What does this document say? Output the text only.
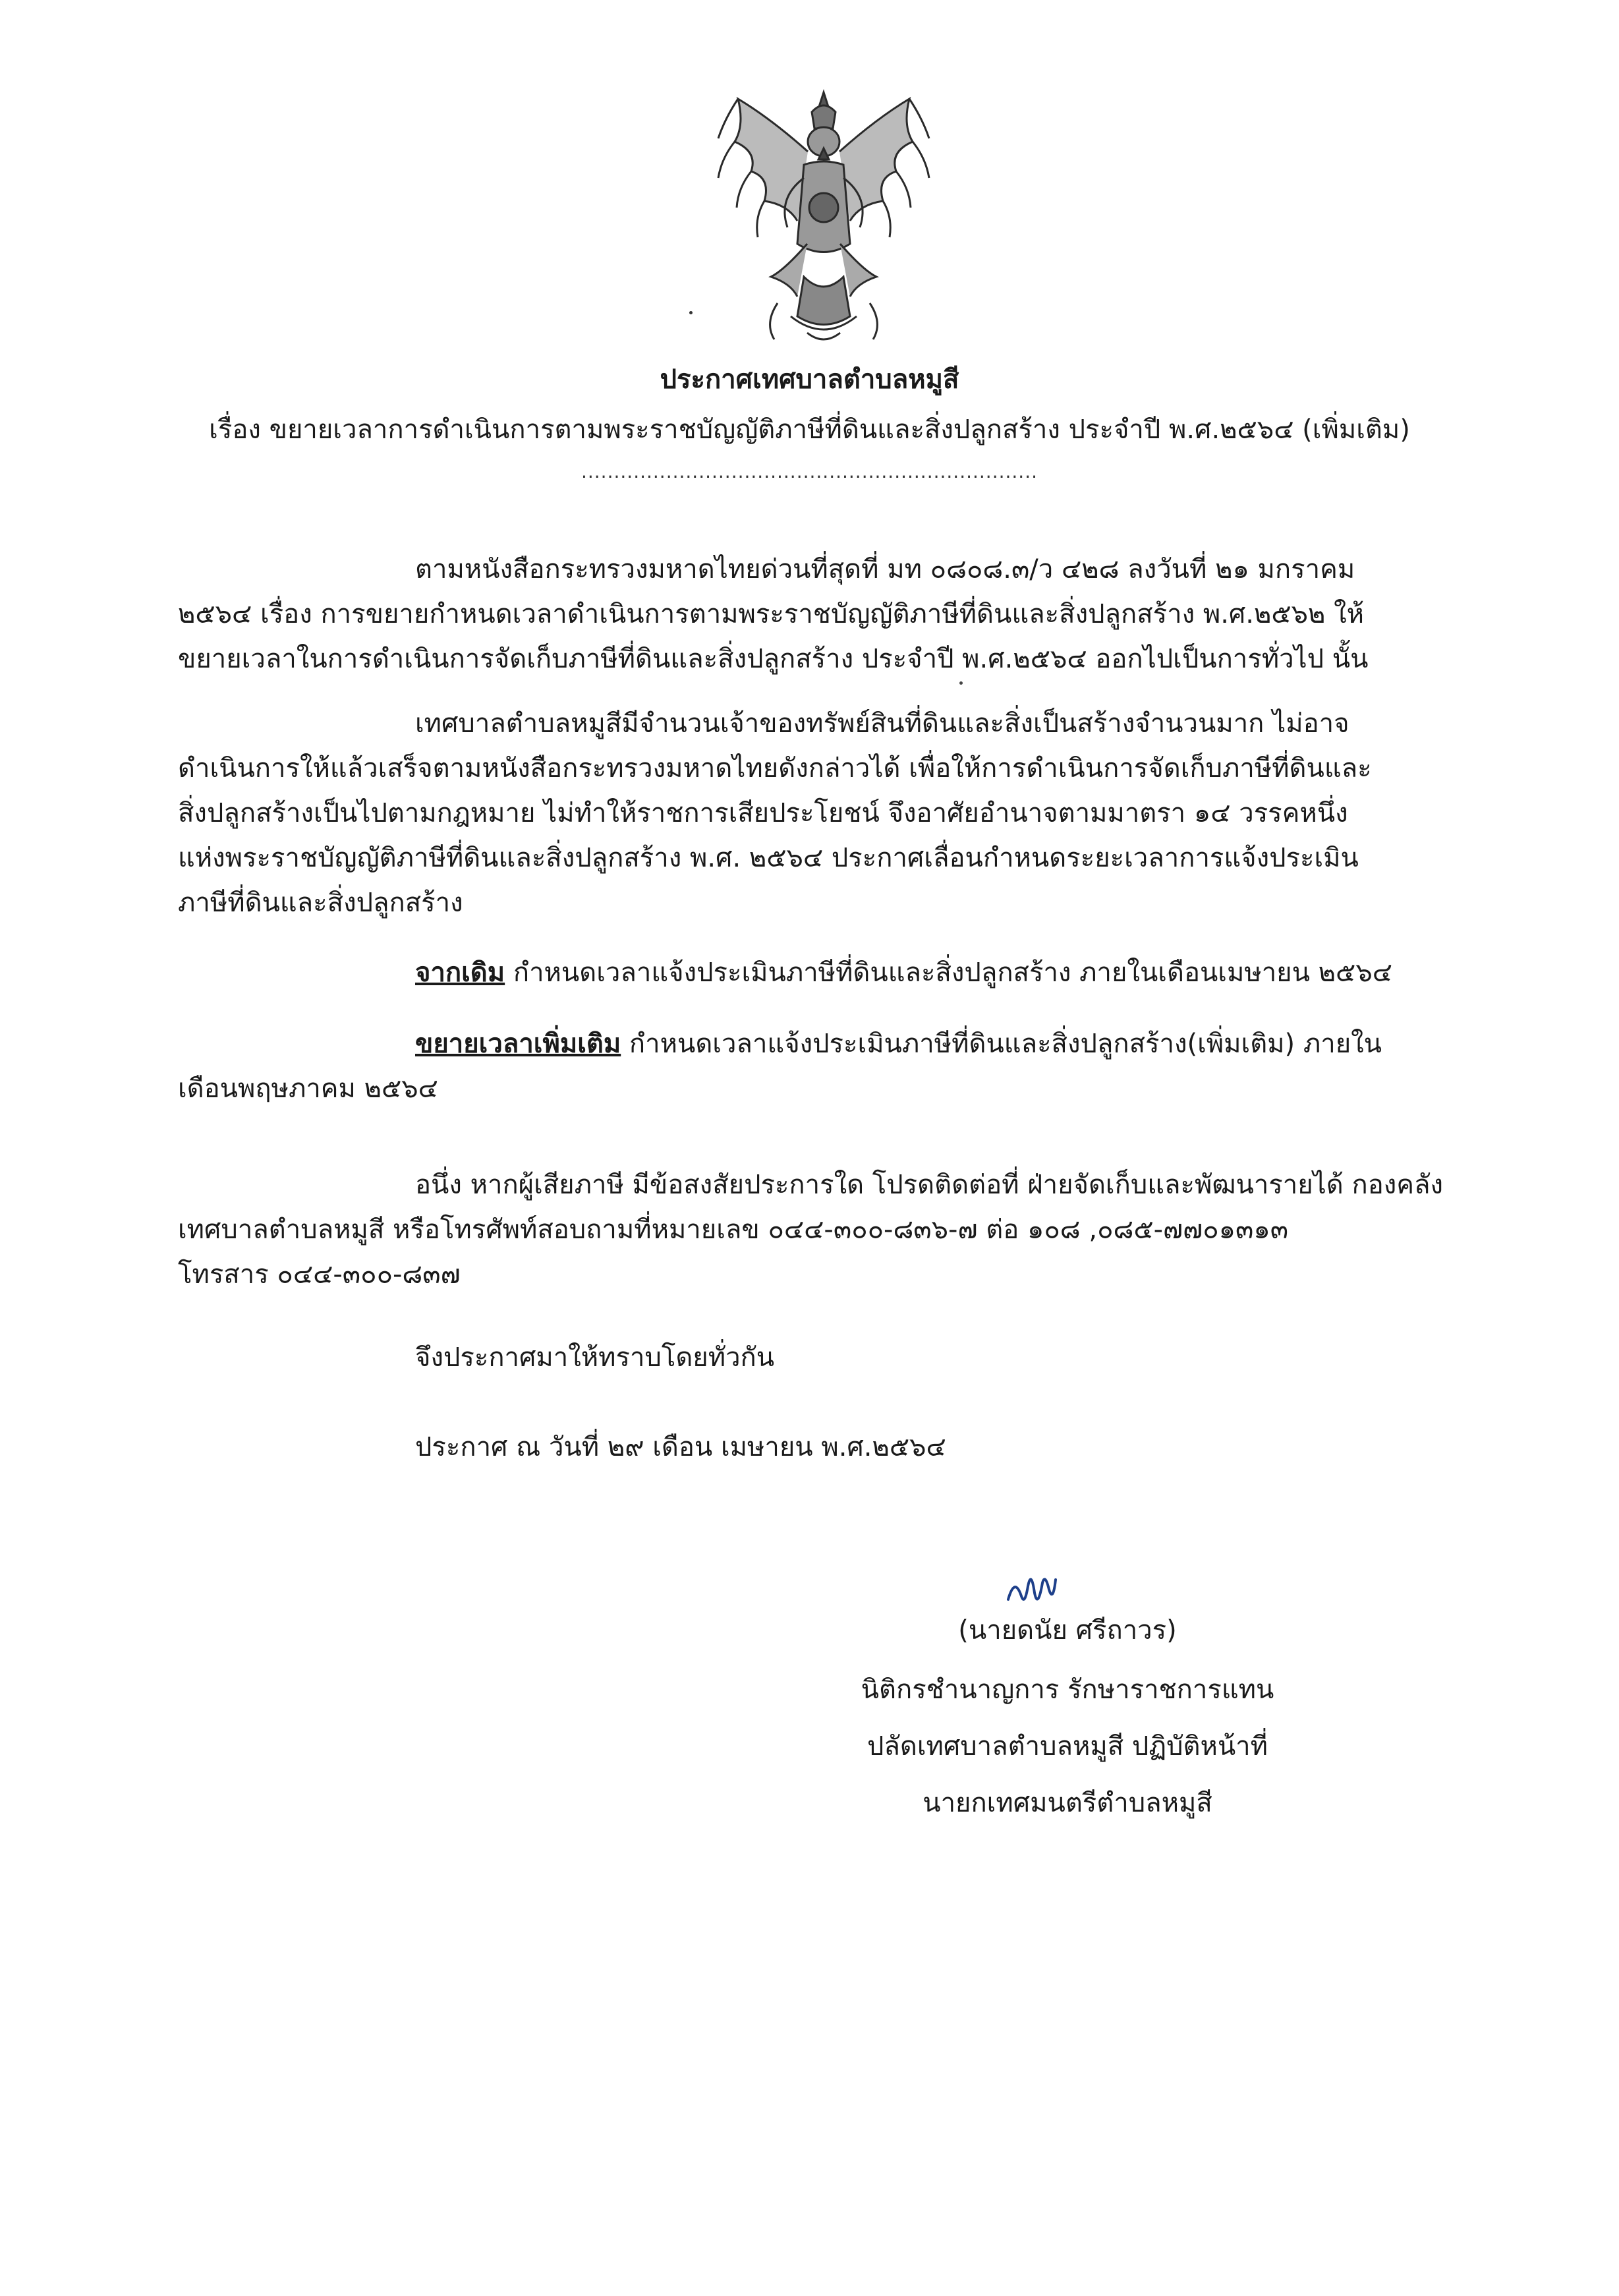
ประกาศเทศบาลตำบลหมูสี
เรื่อง ขยายเวลาการดำเนินการตามพระราชบัญญัติภาษีที่ดินและสิ่งปลูกสร้าง ประจำปี พ.ศ.๒๕๖๔ (เพิ่มเติม)
......................................................................
ตามหนังสือกระทรวงมหาดไทยด่วนที่สุดที่ มท ๐๘๐๘.๓/ว ๔๒๘ ลงวันที่ ๒๑ มกราคม
๒๕๖๔ เรื่อง การขยายกำหนดเวลาดำเนินการตามพระราชบัญญัติภาษีที่ดินและสิ่งปลูกสร้าง พ.ศ.๒๕๖๒ ให้
ขยายเวลาในการดำเนินการจัดเก็บภาษีที่ดินและสิ่งปลูกสร้าง ประจำปี พ.ศ.๒๕๖๔ ออกไปเป็นการทั่วไป นั้น
เทศบาลตำบลหมูสีมีจำนวนเจ้าของทรัพย์สินที่ดินและสิ่งเป็นสร้างจำนวนมาก ไม่อาจ
ดำเนินการให้แล้วเสร็จตามหนังสือกระทรวงมหาดไทยดังกล่าวได้ เพื่อให้การดำเนินการจัดเก็บภาษีที่ดินและ
สิ่งปลูกสร้างเป็นไปตามกฎหมาย ไม่ทำให้ราชการเสียประโยชน์ จึงอาศัยอำนาจตามมาตรา ๑๔ วรรคหนึ่ง
แห่งพระราชบัญญัติภาษีที่ดินและสิ่งปลูกสร้าง พ.ศ. ๒๕๖๔ ประกาศเลื่อนกำหนดระยะเวลาการแจ้งประเมิน
ภาษีที่ดินและสิ่งปลูกสร้าง
จากเดิม กำหนดเวลาแจ้งประเมินภาษีที่ดินและสิ่งปลูกสร้าง ภายในเดือนเมษายน ๒๕๖๔
ขยายเวลาเพิ่มเติม กำหนดเวลาแจ้งประเมินภาษีที่ดินและสิ่งปลูกสร้าง(เพิ่มเติม) ภายใน
เดือนพฤษภาคม ๒๕๖๔
อนึ่ง หากผู้เสียภาษี มีข้อสงสัยประการใด โปรดติดต่อที่ ฝ่ายจัดเก็บและพัฒนารายได้ กองคลัง
เทศบาลตำบลหมูสี หรือโทรศัพท์สอบถามที่หมายเลข ๐๔๔-๓๐๐-๘๓๖-๗ ต่อ ๑๐๘ ,๐๘๕-๗๗๐๑๓๑๓
โทรสาร ๐๔๔-๓๐๐-๘๓๗
จึงประกาศมาให้ทราบโดยทั่วกัน
ประกาศ ณ วันที่ ๒๙ เดือน เมษายน พ.ศ.๒๕๖๔
(นายดนัย ศรีถาวร)
นิติกรชำนาญการ รักษาราชการแทน
ปลัดเทศบาลตำบลหมูสี ปฏิบัติหน้าที่
นายกเทศมนตรีตำบลหมูสี
